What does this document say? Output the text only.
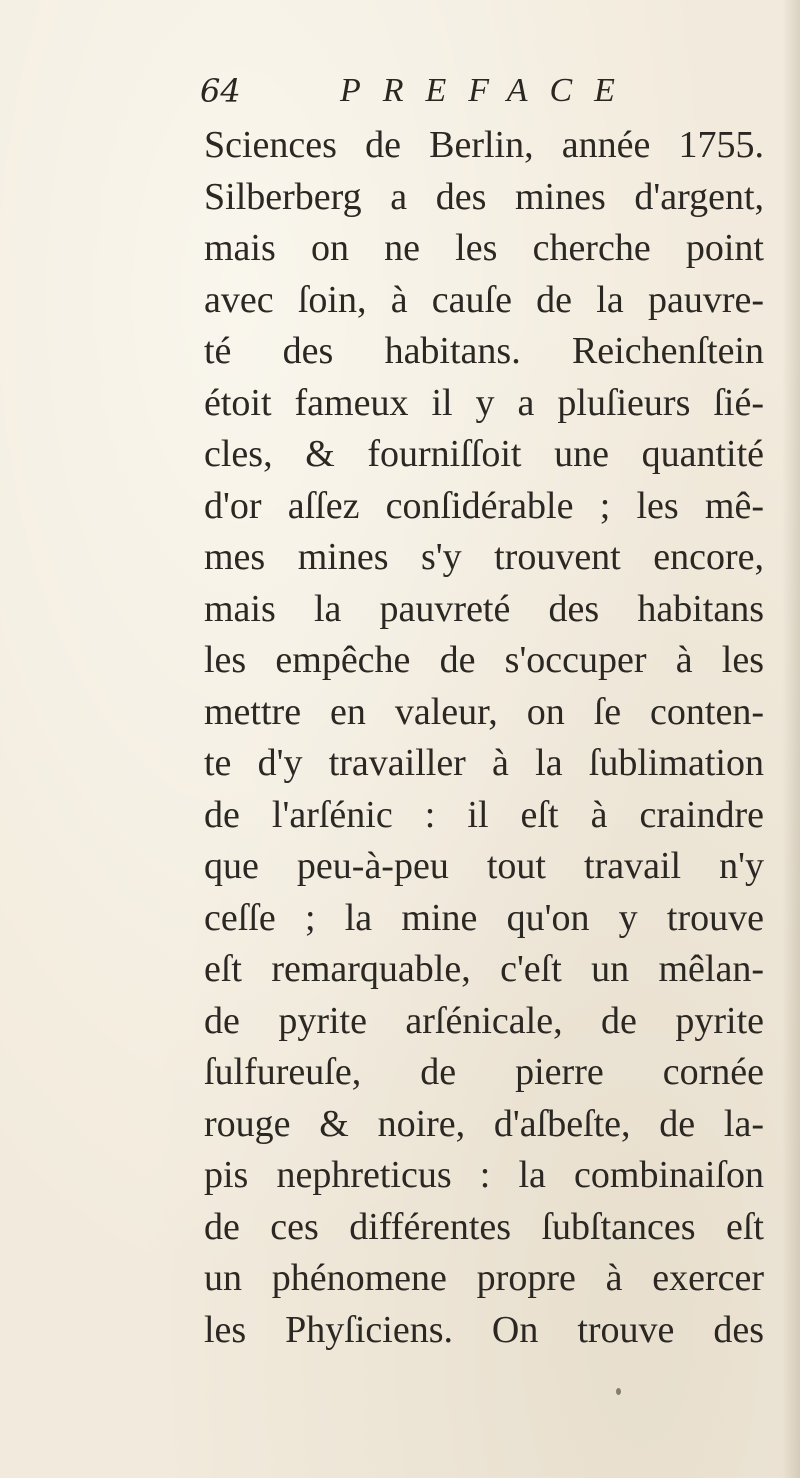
64	PREFACE
Sciences de Berlin, année 1755.
Silberberg a des mines d'argent,
mais on ne les cherche point
avec ſoin, à cauſe de la pauvre-
té des habitans. Reichenſtein
étoit fameux il y a pluſieurs ſié-
cles, & fourniſſoit une quantité
d'or aſſez conſidérable ; les mê-
mes mines s'y trouvent encore,
mais la pauvreté des habitans
les empêche de s'occuper à les
mettre en valeur, on ſe conten-
te d'y travailler à la ſublimation
de l'arſénic : il eſt à craindre
que peu-à-peu tout travail n'y
ceſſe ; la mine qu'on y trouve
eſt remarquable, c'eſt un mêlan-
de pyrite arſénicale, de pyrite
ſulfureuſe, de pierre cornée
rouge & noire, d'aſbeſte, de la-
pis nephreticus : la combinaiſon
de ces différentes ſubſtances eſt
un phénomene propre à exercer
les Phyſiciens. On trouve des
